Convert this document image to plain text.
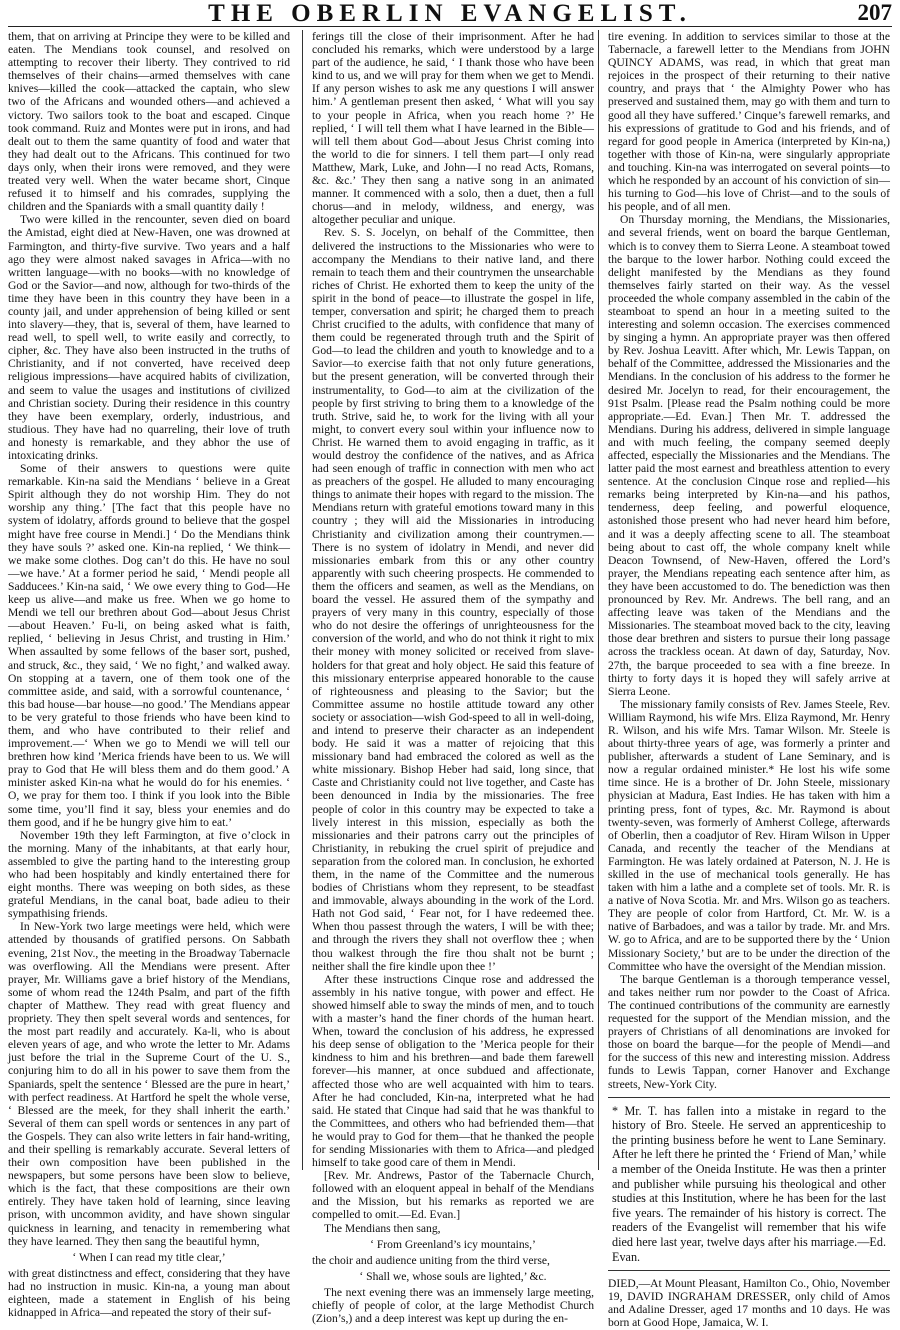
THE OBERLIN EVANGELIST.	207

them, that on arriving at Principe they were to be killed and eaten. The Mendians took counsel, and resolved on attempting to recover their liberty. They contrived to rid themselves of their chains—armed themselves with cane knives—killed the cook—attacked the captain, who slew two of the Africans and wounded others—and achieved a victory. Two sailors took to the boat and escaped. Cinque took command. Ruiz and Montes were put in irons, and had dealt out to them the same quantity of food and water that they had dealt out to the Africans. This continued for two days only, when their irons were removed, and they were treated very well. When the water became short, Cinque refused it to himself and his comrades, supplying the children and the Spaniards with a small quantity daily !

Two were killed in the rencounter, seven died on board the Amistad, eight died at New-Haven, one was drowned at Farmington, and thirty-five survive. Two years and a half ago they were almost naked savages in Africa—with no written language—with no books—with no knowledge of God or the Savior—and now, although for two-thirds of the time they have been in this country they have been in a county jail, and under apprehension of being killed or sent into slavery—they, that is, several of them, have learned to read well, to spell well, to write easily and correctly, to cipher, &c. They have also been instructed in the truths of Christianity, and if not converted, have received deep religious impressions—have acquired habits of civilization, and seem to value the usages and institutions of civilized and Christian society. During their residence in this country they have been exemplary, orderly, industrious, and studious. They have had no quarreling, their love of truth and honesty is remarkable, and they abhor the use of intoxicating drinks.

Some of their answers to questions were quite remarkable. Kin-na said the Mendians ‘ believe in a Great Spirit although they do not worship Him. They do not worship any thing.’ [The fact that this people have no system of idolatry, affords ground to believe that the gospel might have free course in Mendi.] ‘ Do the Mendians think they have souls ?’ asked one. Kin-na replied, ‘ We think—we make some clothes. Dog can’t do this. He have no soul—we have.’ At a former period he said, ‘ Mendi people all Sadducees.’ Kin-na said, ‘ We owe every thing to God—He keep us alive—and make us free. When we go home to Mendi we tell our brethren about God—about Jesus Christ—about Heaven.’ Fu-li, on being asked what is faith, replied, ‘ believing in Jesus Christ, and trusting in Him.’ When assaulted by some fellows of the baser sort, pushed, and struck, &c., they said, ‘ We no fight,’ and walked away. On stopping at a tavern, one of them took one of the committee aside, and said, with a sorrowful countenance, ‘ this bad house—bar house—no good.’ The Mendians appear to be very grateful to those friends who have been kind to them, and who have contributed to their relief and improvement.—‘ When we go to Mendi we will tell our brethren how kind ’Merica friends have been to us. We will pray to God that He will bless them and do them good.’ A minister asked Kin-na what he would do for his enemies. ‘ O, we pray for them too. I think if you look into the Bible some time, you’ll find it say, bless your enemies and do them good, and if he be hungry give him to eat.’

November 19th they left Farmington, at five o’clock in the morning. Many of the inhabitants, at that early hour, assembled to give the parting hand to the interesting group who had been hospitably and kindly entertained there for eight months. There was weeping on both sides, as these grateful Mendians, in the canal boat, bade adieu to their sympathising friends.

In New-York two large meetings were held, which were attended by thousands of gratified persons. On Sabbath evening, 21st Nov., the meeting in the Broadway Tabernacle was overflowing. All the Mendians were present. After prayer, Mr. Williams gave a brief history of the Mendians, some of whom read the 124th Psalm, and part of the fifth chapter of Matthew. They read with great fluency and propriety. They then spelt several words and sentences, for the most part readily and accurately. Ka-li, who is about eleven years of age, and who wrote the letter to Mr. Adams just before the trial in the Supreme Court of the U. S., conjuring him to do all in his power to save them from the Spaniards, spelt the sentence ‘ Blessed are the pure in heart,’ with perfect readiness. At Hartford he spelt the whole verse, ‘ Blessed are the meek, for they shall inherit the earth.’ Several of them can spell words or sentences in any part of the Gospels. They can also write letters in fair hand-writing, and their spelling is remarkably accurate. Several letters of their own composition have been published in the newspapers, but some persons have been slow to believe, which is the fact, that these compositions are their own entirely. They have taken hold of learning, since leaving prison, with uncommon avidity, and have shown singular quickness in learning, and tenacity in remembering what they have learned. They then sang the beautiful hymn,

‘ When I can read my title clear,’

with great distinctness and effect, considering that they have had no instruction in music. Kin-na, a young man about eighteen, made a statement in English of his being kidnapped in Africa—and repeated the story of their suf-

ferings till the close of their imprisonment. After he had concluded his remarks, which were understood by a large part of the audience, he said, ‘ I thank those who have been kind to us, and we will pray for them when we get to Mendi. If any person wishes to ask me any questions I will answer him.’ A gentleman present then asked, ‘ What will you say to your people in Africa, when you reach home ?’ He replied, ‘ I will tell them what I have learned in the Bible—will tell them about God—about Jesus Christ coming into the world to die for sinners. I tell them part—I only read Matthew, Mark, Luke, and John—I no read Acts, Romans, &c. &c.’ They then sang a native song in an animated manner. It commenced with a solo, then a duet, then a full chorus—and in melody, wildness, and energy, was altogether peculiar and unique.

Rev. S. S. Jocelyn, on behalf of the Committee, then delivered the instructions to the Missionaries who were to accompany the Mendians to their native land, and there remain to teach them and their countrymen the unsearchable riches of Christ. He exhorted them to keep the unity of the spirit in the bond of peace—to illustrate the gospel in life, temper, conversation and spirit; he charged them to preach Christ crucified to the adults, with confidence that many of them could be regenerated through truth and the Spirit of God—to lead the children and youth to knowledge and to a Savior—to exercise faith that not only future generations, but the present generation, will be converted through their instrumentality, to God—to aim at the civilization of the people by first striving to bring them to a knowledge of the truth. Strive, said he, to work for the living with all your might, to convert every soul within your influence now to Christ. He warned them to avoid engaging in traffic, as it would destroy the confidence of the natives, and as Africa had seen enough of traffic in connection with men who act as preachers of the gospel. He alluded to many encouraging things to animate their hopes with regard to the mission. The Mendians return with grateful emotions toward many in this country ; they will aid the Missionaries in introducing Christianity and civilization among their countrymen.—There is no system of idolatry in Mendi, and never did missionaries embark from this or any other country apparently with such cheering prospects. He commended to them the officers and seamen, as well as the Mendians, on board the vessel. He assured them of the sympathy and prayers of very many in this country, especially of those who do not desire the offerings of unrighteousness for the conversion of the world, and who do not think it right to mix their money with money solicited or received from slave-holders for that great and holy object. He said this feature of this missionary enterprise appeared honorable to the cause of righteousness and pleasing to the Savior; but the Committee assume no hostile attitude toward any other society or association—wish God-speed to all in well-doing, and intend to preserve their character as an independent body. He said it was a matter of rejoicing that this missionary band had embraced the colored as well as the white missionary. Bishop Heber had said, long since, that Caste and Christianity could not live together, and Caste has been denounced in India by the missionaries. The free people of color in this country may be expected to take a lively interest in this mission, especially as both the missionaries and their patrons carry out the principles of Christianity, in rebuking the cruel spirit of prejudice and separation from the colored man. In conclusion, he exhorted them, in the name of the Committee and the numerous bodies of Christians whom they represent, to be steadfast and immovable, always abounding in the work of the Lord. Hath not God said, ‘ Fear not, for I have redeemed thee. When thou passest through the waters, I will be with thee; and through the rivers they shall not overflow thee ; when thou walkest through the fire thou shalt not be burnt ; neither shall the fire kindle upon thee !’

After these instructions Cinque rose and addressed the assembly in his native tongue, with power and effect. He showed himself able to sway the minds of men, and to touch with a master’s hand the finer chords of the human heart. When, toward the conclusion of his address, he expressed his deep sense of obligation to the ’Merica people for their kindness to him and his brethren—and bade them farewell forever—his manner, at once subdued and affectionate, affected those who are well acquainted with him to tears. After he had concluded, Kin-na, interpreted what he had said. He stated that Cinque had said that he was thankful to the Committees, and others who had befriended them—that he would pray to God for them—that he thanked the people for sending Missionaries with them to Africa—and pledged himself to take good care of them in Mendi.

[Rev. Mr. Andrews, Pastor of the Tabernacle Church, followed with an eloquent appeal in behalf of the Mendians and the Mission, but his remarks as reported we are compelled to omit.—Ed. Evan.]

The Mendians then sang,

‘ From Greenland’s icy mountains,’

the choir and audience uniting from the third verse,

‘ Shall we, whose souls are lighted,’ &c.

The next evening there was an immensely large meeting, chiefly of people of color, at the large Methodist Church (Zion’s,) and a deep interest was kept up during the en-

tire evening. In addition to services similar to those at the Tabernacle, a farewell letter to the Mendians from JOHN QUINCY ADAMS, was read, in which that great man rejoices in the prospect of their returning to their native country, and prays that ‘ the Almighty Power who has preserved and sustained them, may go with them and turn to good all they have suffered.’ Cinque’s farewell remarks, and his expressions of gratitude to God and his friends, and of regard for good people in America (interpreted by Kin-na,) together with those of Kin-na, were singularly appropriate and touching. Kin-na was interrogated on several points—to which he responded by an account of his conviction of sin—his turning to God—his love of Christ—and to the souls of his people, and of all men.

On Thursday morning, the Mendians, the Missionaries, and several friends, went on board the barque Gentleman, which is to convey them to Sierra Leone. A steamboat towed the barque to the lower harbor. Nothing could exceed the delight manifested by the Mendians as they found themselves fairly started on their way. As the vessel proceeded the whole company assembled in the cabin of the steamboat to spend an hour in a meeting suited to the interesting and solemn occasion. The exercises commenced by singing a hymn. An appropriate prayer was then offered by Rev. Joshua Leavitt. After which, Mr. Lewis Tappan, on behalf of the Committee, addressed the Missionaries and the Mendians. In the conclusion of his address to the former he desired Mr. Jocelyn to read, for their encouragement, the 91st Psalm. [Please read the Psalm nothing could be more appropriate.—Ed. Evan.] Then Mr. T. addressed the Mendians. During his address, delivered in simple language and with much feeling, the company seemed deeply affected, especially the Missionaries and the Mendians. The latter paid the most earnest and breathless attention to every sentence. At the conclusion Cinque rose and replied—his remarks being interpreted by Kin-na—and his pathos, tenderness, deep feeling, and powerful eloquence, astonished those present who had never heard him before, and it was a deeply affecting scene to all. The steamboat being about to cast off, the whole company knelt while Deacon Townsend, of New-Haven, offered the Lord’s prayer, the Mendians repeating each sentence after him, as they have been accustomed to do. The benediction was then pronounced by Rev. Mr. Andrews. The bell rang, and an affecting leave was taken of the Mendians and the Missionaries. The steamboat moved back to the city, leaving those dear brethren and sisters to pursue their long passage across the trackless ocean. At dawn of day, Saturday, Nov. 27th, the barque proceeded to sea with a fine breeze. In thirty to forty days it is hoped they will safely arrive at Sierra Leone.

The missionary family consists of Rev. James Steele, Rev. William Raymond, his wife Mrs. Eliza Raymond, Mr. Henry R. Wilson, and his wife Mrs. Tamar Wilson. Mr. Steele is about thirty-three years of age, was formerly a printer and publisher, afterwards a student of Lane Seminary, and is now a regular ordained minister.* He lost his wife some time since. He is a brother of Dr. John Steele, missionary physician at Madura, East Indies. He has taken with him a printing press, font of types, &c. Mr. Raymond is about twenty-seven, was formerly of Amherst College, afterwards of Oberlin, then a coadjutor of Rev. Hiram Wilson in Upper Canada, and recently the teacher of the Mendians at Farmington. He was lately ordained at Paterson, N. J. He is skilled in the use of mechanical tools generally. He has taken with him a lathe and a complete set of tools. Mr. R. is a native of Nova Scotia. Mr. and Mrs. Wilson go as teachers. They are people of color from Hartford, Ct. Mr. W. is a native of Barbadoes, and was a tailor by trade. Mr. and Mrs. W. go to Africa, and are to be supported there by the ‘ Union Missionary Society,’ but are to be under the direction of the Committee who have the oversight of the Mendian mission.

The barque Gentleman is a thorough temperance vessel, and takes neither rum nor powder to the Coast of Africa. The continued contributions of the community are earnestly requested for the support of the Mendian mission, and the prayers of Christians of all denominations are invoked for those on board the barque—for the people of Mendi—and for the success of this new and interesting mission. Address funds to Lewis Tappan, corner Hanover and Exchange streets, New-York City.

* Mr. T. has fallen into a mistake in regard to the history of Bro. Steele. He served an apprenticeship to the printing business before he went to Lane Seminary. After he left there he printed the ‘ Friend of Man,’ while a member of the Oneida Institute. He was then a printer and publisher while pursuing his theological and other studies at this Institution, where he has been for the last five years. The remainder of his history is correct. The readers of the Evangelist will remember that his wife died here last year, twelve days after his marriage.—Ed. Evan.

DIED,—At Mount Pleasant, Hamilton Co., Ohio, November 19, DAVID INGRAHAM DRESSER, only child of Amos and Adaline Dresser, aged 17 months and 10 days. He was born at Good Hope, Jamaica, W. I.
